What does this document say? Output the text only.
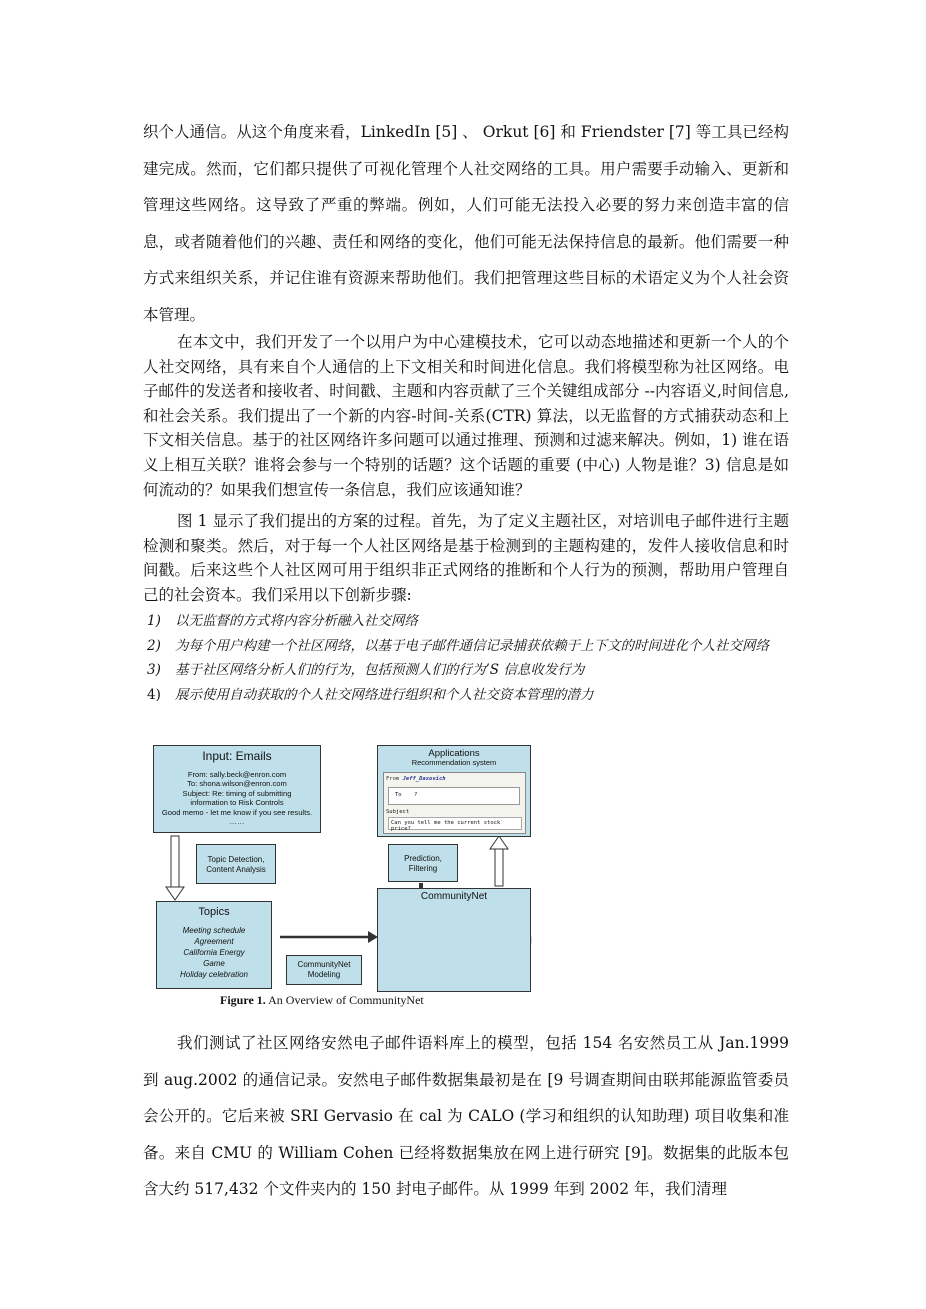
织个人通信。从这个角度来看，LinkedIn [5] 、 Orkut [6] 和 Friendster [7] 等工具已经构建完成。然而，它们都只提供了可视化管理个人社交网络的工具。用户需要手动输入、更新和管理这些网络。这导致了严重的弊端。例如，人们可能无法投入必要的努力来创造丰富的信息，或者随着他们的兴趣、责任和网络的变化，他们可能无法保持信息的最新。他们需要一种方式来组织关系，并记住谁有资源来帮助他们。我们把管理这些目标的术语定义为个人社会资本管理。

在本文中，我们开发了一个以用户为中心建模技术，它可以动态地描述和更新一个人的个人社交网络，具有来自个人通信的上下文相关和时间进化信息。我们将模型称为社区网络。电子邮件的发送者和接收者、时间戳、主题和内容贡献了三个关键组成部分 --内容语义,时间信息,和社会关系。我们提出了一个新的内容-时间-关系(CTR) 算法，以无监督的方式捕获动态和上下文相关信息。基于的社区网络许多问题可以通过推理、预测和过滤来解决。例如，1) 谁在语义上相互关联？谁将会参与一个特别的话题？这个话题的重要 (中心) 人物是谁？3) 信息是如何流动的？如果我们想宣传一条信息，我们应该通知谁？

图 1 显示了我们提出的方案的过程。首先，为了定义主题社区，对培训电子邮件进行主题检测和聚类。然后，对于每一个人社区网络是基于检测到的主题构建的，发件人接收信息和时间戳。后来这些个人社区网可用于组织非正式网络的推断和个人行为的预测，帮助用户管理自己的社会资本。我们采用以下创新步骤:

1) 以无监督的方式将内容分析融入社交网络
2) 为每个用户构建一个社区网络，以基于电子邮件通信记录捕获依赖于上下文的时间进化个人社交网络
3) 基于社区网络分析人们的行为，包括预测人们的行为’S 信息收发行为
4) 展示使用自动获取的个人社交网络进行组织和个人社交资本管理的潜力
Input: Emails
From: sally.beck@enron.com
To: shona.wilson@enron.com
Subject: Re: timing of submitting
information to Risk Controls
Good memo - let me know if you see results.
……
Applications
Recommendation system
From Jeff_Dasovich
To ?
Subject
Can you tell me the current stock price?
Topic Detection, Content Analysis
Prediction, Filtering
Topics
Meeting schedule
Agreement
California Energy
Game
Holiday celebration
CommunityNet Modeling
CommunityNet
Figure 1. An Overview of CommunityNet

我们测试了社区网络安然电子邮件语料库上的模型，包括 154 名安然员工从 Jan.1999 到 aug.2002 的通信记录。安然电子邮件数据集最初是在 [9 号调查期间由联邦能源监管委员会公开的。它后来被 SRI Gervasio 在 cal 为 CALO (学习和组织的认知助理) 项目收集和准备。来自 CMU 的 William Cohen 已经将数据集放在网上进行研究 [9]。数据集的此版本包含大约 517,432 个文件夹内的 150 封电子邮件。从 1999 年到 2002 年，我们清理
